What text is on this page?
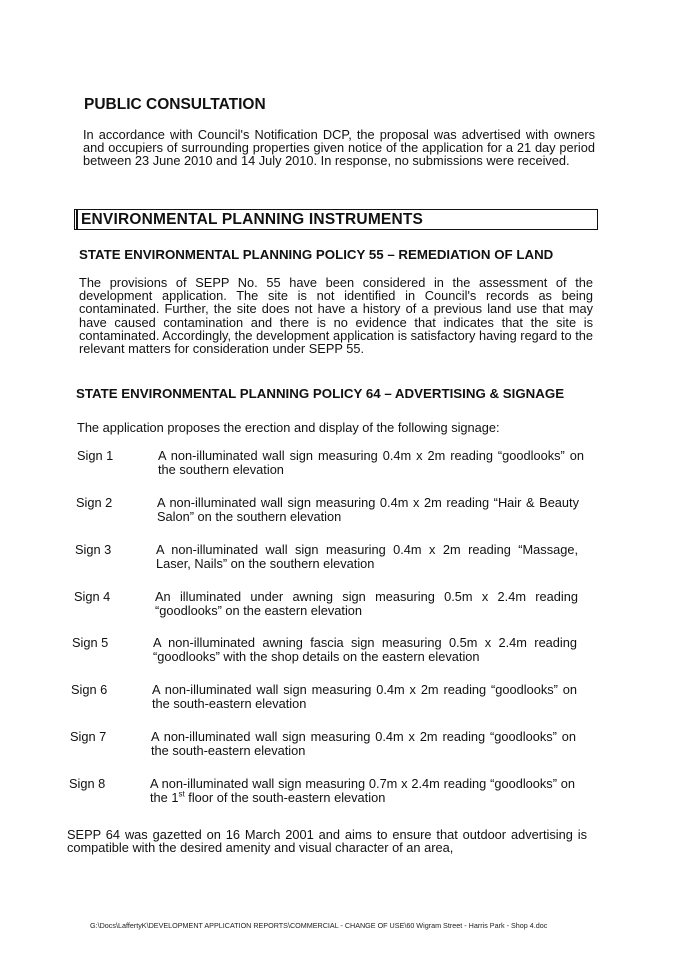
PUBLIC CONSULTATION
In accordance with Council's Notification DCP, the proposal was advertised with owners and occupiers of surrounding properties given notice of the application for a 21 day period between 23 June 2010 and 14 July 2010. In response, no submissions were received.
ENVIRONMENTAL PLANNING INSTRUMENTS
STATE ENVIRONMENTAL PLANNING POLICY 55 – REMEDIATION OF LAND
The provisions of SEPP No. 55 have been considered in the assessment of the development application. The site is not identified in Council's records as being contaminated. Further, the site does not have a history of a previous land use that may have caused contamination and there is no evidence that indicates that the site is contaminated. Accordingly, the development application is satisfactory having regard to the relevant matters for consideration under SEPP 55.
STATE ENVIRONMENTAL PLANNING POLICY 64 – ADVERTISING & SIGNAGE
The application proposes the erection and display of the following signage:
Sign 1	A non-illuminated wall sign measuring 0.4m x 2m reading “goodlooks” on the southern elevation
Sign 2	A non-illuminated wall sign measuring 0.4m x 2m reading “Hair & Beauty Salon” on the southern elevation
Sign 3	A non-illuminated wall sign measuring 0.4m x 2m reading “Massage, Laser, Nails” on the southern elevation
Sign 4	An illuminated under awning sign measuring 0.5m x 2.4m reading “goodlooks” on the eastern elevation
Sign 5	A non-illuminated awning fascia sign measuring 0.5m x 2.4m reading “goodlooks” with the shop details on the eastern elevation
Sign 6	A non-illuminated wall sign measuring 0.4m x 2m reading “goodlooks” on the south-eastern elevation
Sign 7	A non-illuminated wall sign measuring 0.4m x 2m reading “goodlooks” on the south-eastern elevation
Sign 8	A non-illuminated wall sign measuring 0.7m x 2.4m reading “goodlooks” on the 1st floor of the south-eastern elevation
SEPP 64 was gazetted on 16 March 2001 and aims to ensure that outdoor advertising is compatible with the desired amenity and visual character of an area,
G:\Docs\LaffertyK\DEVELOPMENT APPLICATION REPORTS\COMMERCIAL - CHANGE OF USE\60 Wigram Street - Harris Park - Shop 4.doc
